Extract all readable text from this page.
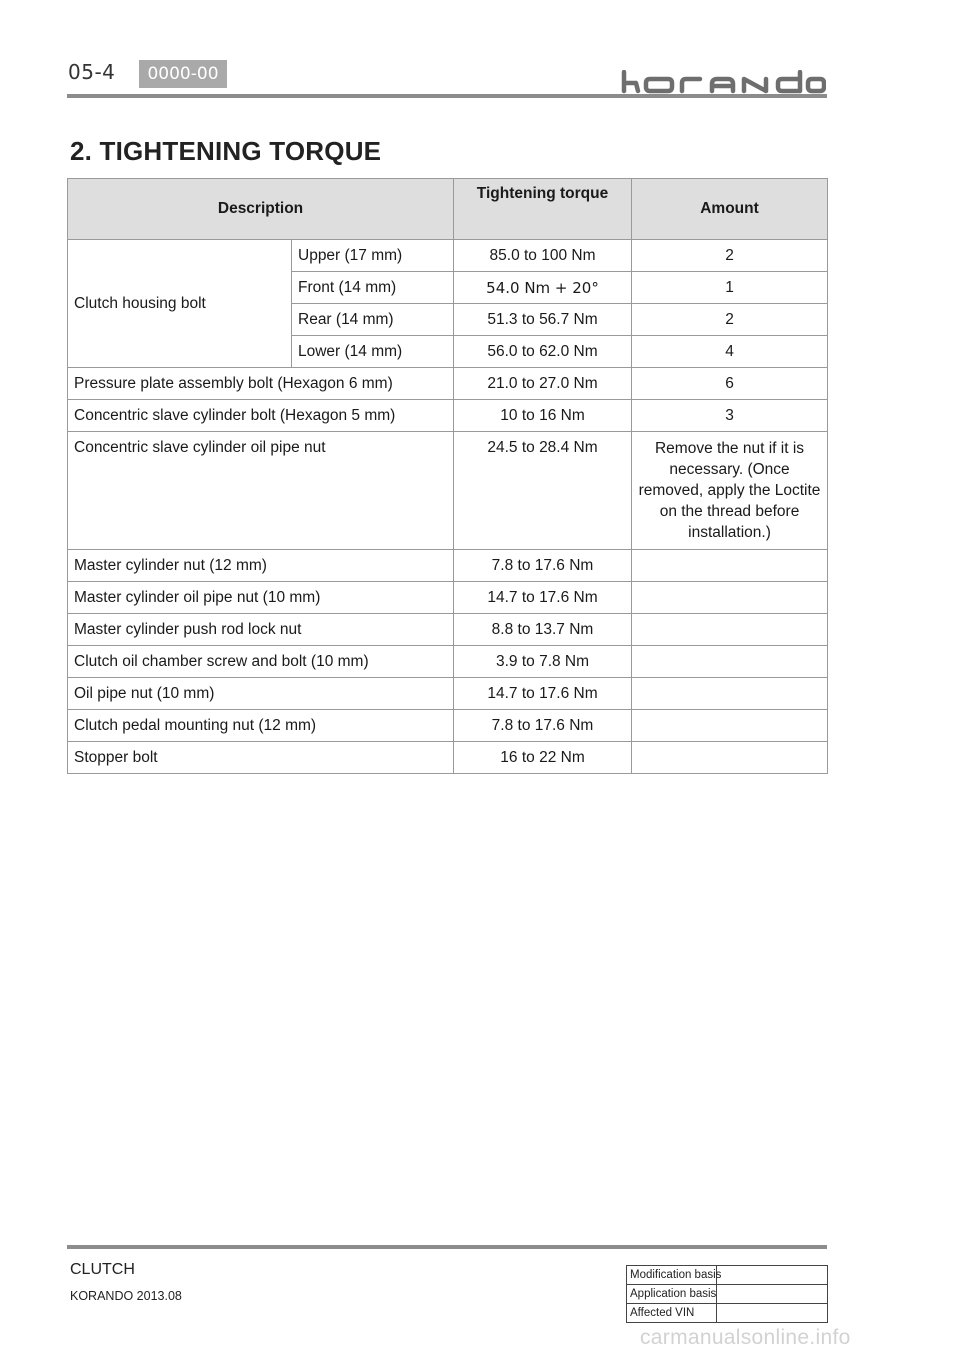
05-4	0000-00
2. TIGHTENING TORQUE
Description		Tightening torque	Amount
Clutch housing bolt	Upper (17 mm)	85.0 to 100 Nm	2
	Front (14 mm)	54.0 Nm + 20°	1
	Rear (14 mm)	51.3 to 56.7 Nm	2
	Lower (14 mm)	56.0 to 62.0 Nm	4
Pressure plate assembly bolt (Hexagon 6 mm)		21.0 to 27.0 Nm	6
Concentric slave cylinder bolt (Hexagon 5 mm)		10 to 16 Nm	3
Concentric slave cylinder oil pipe nut		24.5 to 28.4 Nm	Remove the nut if it is necessary. (Once removed, apply the Loctite on the thread before installation.)
Master cylinder nut (12 mm)		7.8 to 17.6 Nm	
Master cylinder oil pipe nut (10 mm)		14.7 to 17.6 Nm	
Master cylinder push rod lock nut		8.8 to 13.7 Nm	
Clutch oil chamber screw and bolt (10 mm)		3.9 to 7.8 Nm	
Oil pipe nut (10 mm)		14.7 to 17.6 Nm	
Clutch pedal mounting nut (12 mm)		7.8 to 17.6 Nm	
Stopper bolt		16 to 22 Nm	
CLUTCH
KORANDO 2013.08
Modification basis	
Application basis	
Affected VIN	
carmanualsonline.info
